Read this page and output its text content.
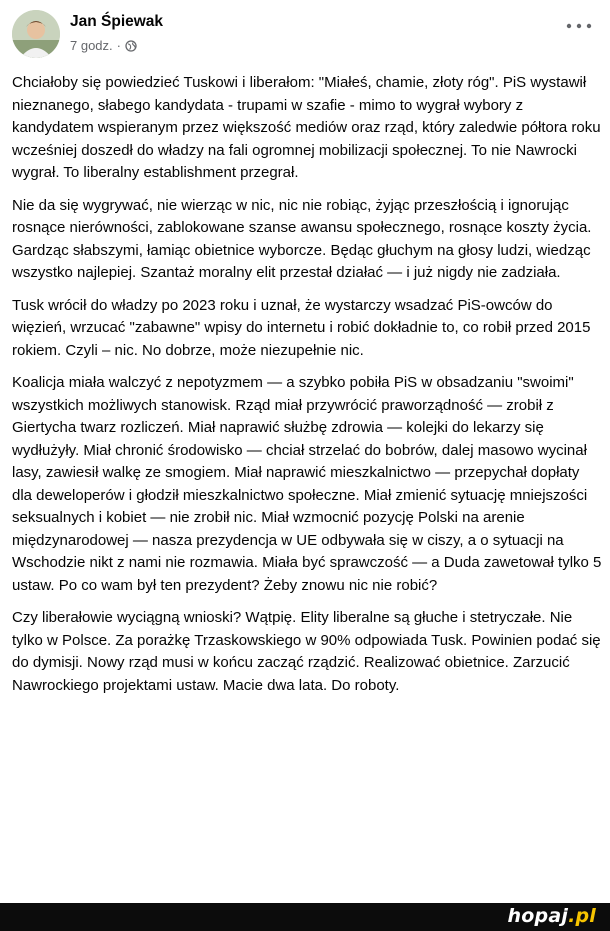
Jan Śpiewak
7 godz. ·

Chciałoby się powiedzieć Tuskowi i liberałom: "Miałeś, chamie, złoty róg". PiS wystawił nieznanego, słabego kandydata - trupami w szafie - mimo to wygrał wybory z kandydatem wspieranym przez większość mediów oraz rząd, który zaledwie półtora roku wcześniej doszedł do władzy na fali ogromnej mobilizacji społecznej. To nie Nawrocki wygrał. To liberalny establishment przegrał.

Nie da się wygrywać, nie wierząc w nic, nic nie robiąc, żyjąc przeszłością i ignorując rosnące nierówności, zablokowane szanse awansu społecznego, rosnące koszty życia. Gardząc słabszymi, łamiąc obietnice wyborcze. Będąc głuchym na głosy ludzi, wiedząc wszystko najlepiej. Szantaż moralny elit przestał działać — i już nigdy nie zadziała.

Tusk wrócił do władzy po 2023 roku i uznał, że wystarczy wsadzać PiS-owców do więzień, wrzucać "zabawne" wpisy do internetu i robić dokładnie to, co robił przed 2015 rokiem. Czyli – nic. No dobrze, może niezupełnie nic.

Koalicja miała walczyć z nepotyzmem — a szybko pobiła PiS w obsadzaniu "swoimi" wszystkich możliwych stanowisk. Rząd miał przywrócić praworządność — zrobił z Giertycha twarz rozliczeń. Miał naprawić służbę zdrowia — kolejki do lekarzy się wydłużyły. Miał chronić środowisko — chciał strzelać do bobrów, dalej masowo wycinał lasy, zawiesił walkę ze smogiem. Miał naprawić mieszkalnictwo — przepychał dopłaty dla deweloperów i głodził mieszkalnictwo społeczne. Miał zmienić sytuację mniejszości seksualnych i kobiet — nie zrobił nic. Miał wzmocnić pozycję Polski na arenie międzynarodowej — nasza prezydencja w UE odbywała się w ciszy, a o sytuacji na Wschodzie nikt z nami nie rozmawia. Miała być sprawczość — a Duda zawetował tylko 5 ustaw. Po co wam był ten prezydent? Żeby znowu nic nie robić?

Czy liberałowie wyciągną wnioski? Wątpię. Elity liberalne są głuche i stetryczałe. Nie tylko w Polsce. Za porażkę Trzaskowskiego w 90% odpowiada Tusk. Powinien podać się do dymisji. Nowy rząd musi w końcu zacząć rządzić. Realizować obietnice. Zarzucić Nawrockiego projektami ustaw. Macie dwa lata. Do roboty.

hopaj.pl
